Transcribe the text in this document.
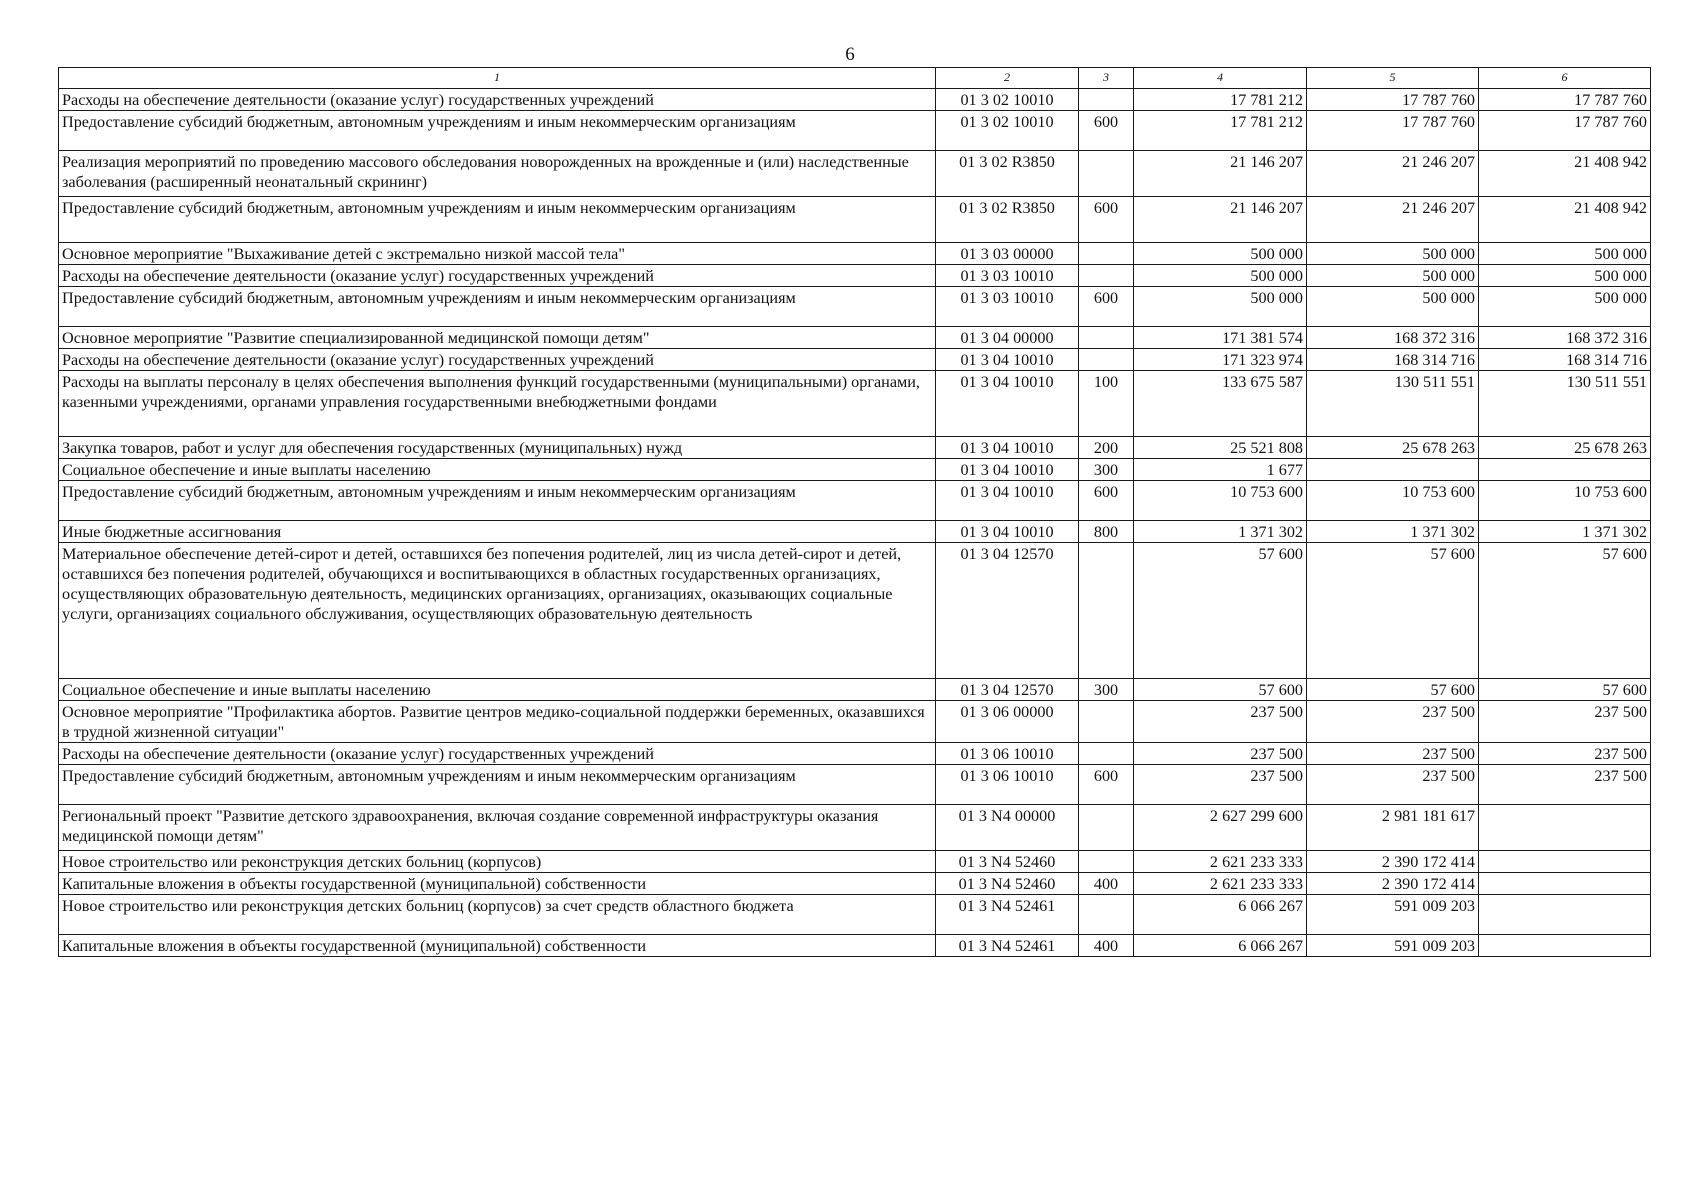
6
1	2	3	4	5	6
Расходы на обеспечение деятельности (оказание услуг) государственных учреждений	01 3 02 10010		17 781 212	17 787 760	17 787 760
Предоставление субсидий бюджетным, автономным учреждениям и иным некоммерческим организациям	01 3 02 10010	600	17 781 212	17 787 760	17 787 760
Реализация мероприятий по проведению массового обследования новорожденных на врожденные и (или) наследственные заболевания (расширенный неонатальный скрининг)	01 3 02 R3850		21 146 207	21 246 207	21 408 942
Предоставление субсидий бюджетным, автономным учреждениям и иным некоммерческим организациям	01 3 02 R3850	600	21 146 207	21 246 207	21 408 942
Основное мероприятие "Выхаживание детей с экстремально низкой массой тела"	01 3 03 00000		500 000	500 000	500 000
Расходы на обеспечение деятельности (оказание услуг) государственных учреждений	01 3 03 10010		500 000	500 000	500 000
Предоставление субсидий бюджетным, автономным учреждениям и иным некоммерческим организациям	01 3 03 10010	600	500 000	500 000	500 000
Основное мероприятие "Развитие специализированной медицинской помощи детям"	01 3 04 00000		171 381 574	168 372 316	168 372 316
Расходы на обеспечение деятельности (оказание услуг) государственных учреждений	01 3 04 10010		171 323 974	168 314 716	168 314 716
Расходы на выплаты персоналу в целях обеспечения выполнения функций государственными (муниципальными) органами, казенными учреждениями, органами управления государственными внебюджетными фондами	01 3 04 10010	100	133 675 587	130 511 551	130 511 551
Закупка товаров, работ и услуг для обеспечения государственных (муниципальных) нужд	01 3 04 10010	200	25 521 808	25 678 263	25 678 263
Социальное обеспечение и иные выплаты населению	01 3 04 10010	300	1 677		
Предоставление субсидий бюджетным, автономным учреждениям и иным некоммерческим организациям	01 3 04 10010	600	10 753 600	10 753 600	10 753 600
Иные бюджетные ассигнования	01 3 04 10010	800	1 371 302	1 371 302	1 371 302
Материальное обеспечение детей-сирот и детей, оставшихся без попечения родителей, лиц из числа детей-сирот и детей, оставшихся без попечения родителей, обучающихся и воспитывающихся в областных государственных организациях, осуществляющих образовательную деятельность, медицинских организациях, организациях, оказывающих социальные услуги, организациях социального обслуживания, осуществляющих образовательную деятельность	01 3 04 12570		57 600	57 600	57 600
Социальное обеспечение и иные выплаты населению	01 3 04 12570	300	57 600	57 600	57 600
Основное мероприятие "Профилактика абортов. Развитие центров медико-социальной поддержки беременных, оказавшихся в трудной жизненной ситуации"	01 3 06 00000		237 500	237 500	237 500
Расходы на обеспечение деятельности (оказание услуг) государственных учреждений	01 3 06 10010		237 500	237 500	237 500
Предоставление субсидий бюджетным, автономным учреждениям и иным некоммерческим организациям	01 3 06 10010	600	237 500	237 500	237 500
Региональный проект "Развитие детского здравоохранения, включая создание современной инфраструктуры оказания медицинской помощи детям"	01 3 N4 00000		2 627 299 600	2 981 181 617	
Новое строительство или реконструкция детских больниц (корпусов)	01 3 N4 52460		2 621 233 333	2 390 172 414	
Капитальные вложения в объекты государственной (муниципальной) собственности	01 3 N4 52460	400	2 621 233 333	2 390 172 414	
Новое строительство или реконструкция детских больниц (корпусов) за счет средств областного бюджета	01 3 N4 52461		6 066 267	591 009 203	
Капитальные вложения в объекты государственной (муниципальной) собственности	01 3 N4 52461	400	6 066 267	591 009 203	
